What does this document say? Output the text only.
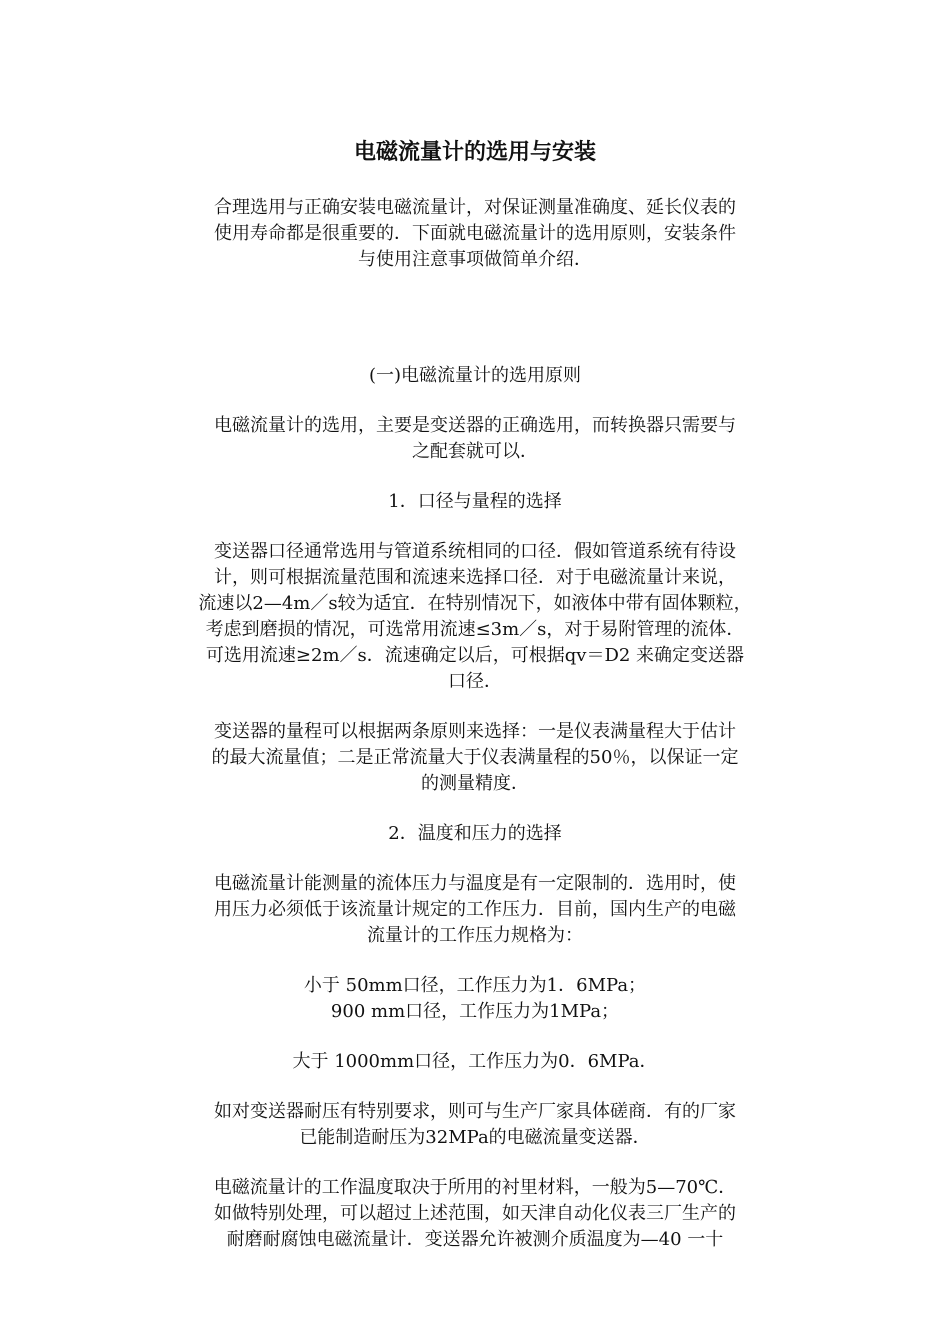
电磁流量计的选用与安装

合理选用与正确安装电磁流量计，对保证测量准确度、延长仪表的
使用寿命都是很重要的．下面就电磁流量计的选用原则，安装条件
与使用注意事项做简单介绍．

(一)电磁流量计的选用原则

电磁流量计的选用，主要是变送器的正确选用，而转换器只需要与
之配套就可以．

1．口径与量程的选择

变送器口径通常选用与管道系统相同的口径．假如管道系统有待设
计，则可根据流量范围和流速来选择口径．对于电磁流量计来说，
流速以2—4m／s较为适宜．在特别情况下，如液体中带有固体颗粒，
考虑到磨损的情况，可选常用流速≤3m／s，对于易附管理的流体．
可选用流速≥2m／s．流速确定以后，可根据qv＝D2 来确定变送器
口径．

变送器的量程可以根据两条原则来选择：一是仪表满量程大于估计
的最大流量值；二是正常流量大于仪表满量程的50％，以保证一定
的测量精度．

2．温度和压力的选择

电磁流量计能测量的流体压力与温度是有一定限制的．选用时，使
用压力必须低于该流量计规定的工作压力．目前，国内生产的电磁
流量计的工作压力规格为：

小于 50mm口径，工作压力为1．6MPa；
900 mm口径，工作压力为1MPa；

大于 1000mm口径，工作压力为0．6MPa．

如对变送器耐压有特别要求，则可与生产厂家具体磋商．有的厂家
已能制造耐压为32MPa的电磁流量变送器．

电磁流量计的工作温度取决于所用的衬里材料，一般为5—70℃．
如做特别处理，可以超过上述范围，如天津自动化仪表三厂生产的
耐磨耐腐蚀电磁流量计．变送器允许被测介质温度为—40 一十
